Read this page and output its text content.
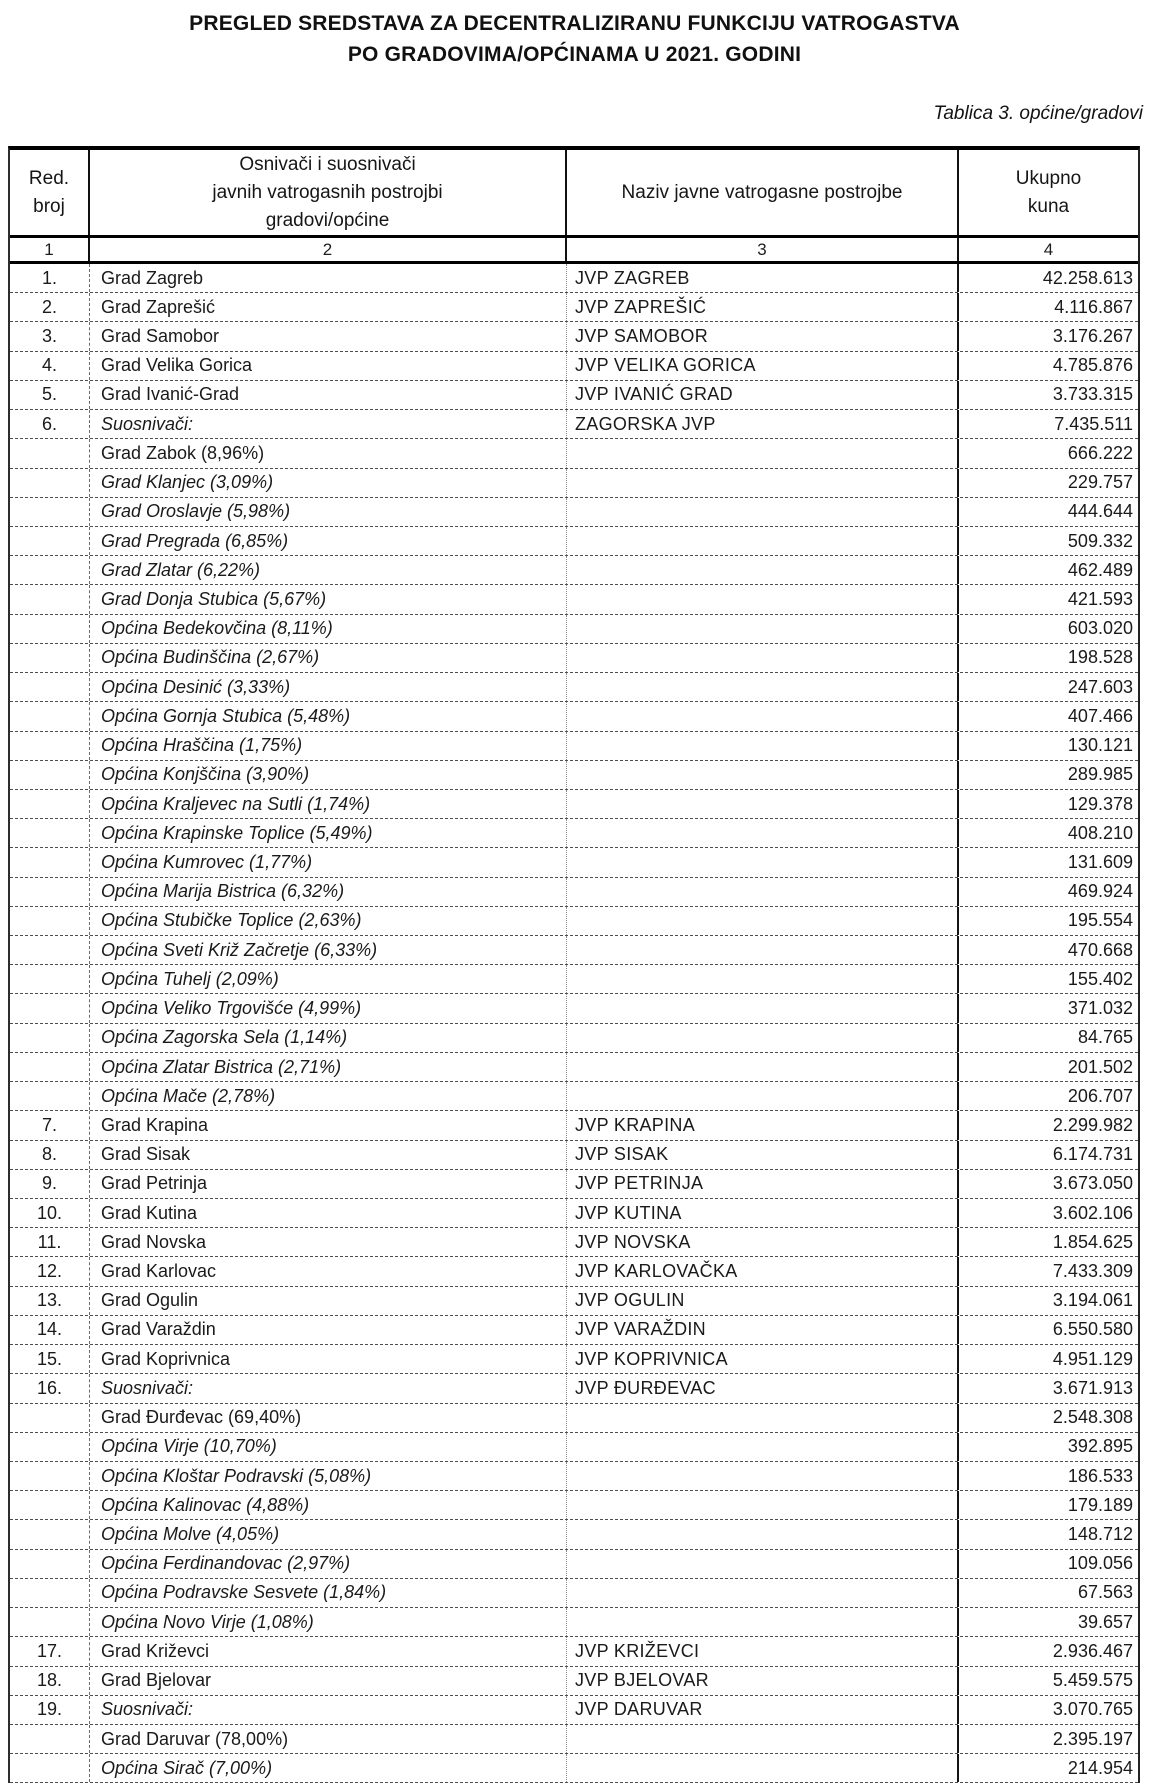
PREGLED SREDSTAVA ZA DECENTRALIZIRANU FUNKCIJU VATROGASTVA
PO GRADOVIMA/OPĆINAMA U 2021. GODINI
Tablica 3. općine/gradovi
Red.
broj
Osnivači i suosnivači
javnih vatrogasnih postrojbi
gradovi/općine
Naziv javne vatrogasne postrojbe
Ukupno
kuna
1	2	3	4
1.	Grad Zagreb	JVP ZAGREB	42.258.613
2.	Grad Zaprešić	JVP ZAPREŠIĆ	4.116.867
3.	Grad Samobor	JVP SAMOBOR	3.176.267
4.	Grad Velika Gorica	JVP VELIKA GORICA	4.785.876
5.	Grad Ivanić-Grad	JVP IVANIĆ GRAD	3.733.315
6.	Suosnivači:	ZAGORSKA JVP	7.435.511
Grad Zabok (8,96%)	666.222
Grad Klanjec (3,09%)	229.757
Grad Oroslavje (5,98%)	444.644
Grad Pregrada (6,85%)	509.332
Grad Zlatar (6,22%)	462.489
Grad Donja Stubica (5,67%)	421.593
Općina Bedekovčina (8,11%)	603.020
Općina Budinščina (2,67%)	198.528
Općina Desinić (3,33%)	247.603
Općina Gornja Stubica (5,48%)	407.466
Općina Hraščina (1,75%)	130.121
Općina Konjščina (3,90%)	289.985
Općina Kraljevec na Sutli (1,74%)	129.378
Općina Krapinske Toplice (5,49%)	408.210
Općina Kumrovec (1,77%)	131.609
Općina Marija Bistrica (6,32%)	469.924
Općina Stubičke Toplice (2,63%)	195.554
Općina Sveti Križ Začretje (6,33%)	470.668
Općina Tuhelj (2,09%)	155.402
Općina Veliko Trgovišće (4,99%)	371.032
Općina Zagorska Sela (1,14%)	84.765
Općina Zlatar Bistrica (2,71%)	201.502
Općina Mače (2,78%)	206.707
7.	Grad Krapina	JVP KRAPINA	2.299.982
8.	Grad Sisak	JVP SISAK	6.174.731
9.	Grad Petrinja	JVP PETRINJA	3.673.050
10.	Grad Kutina	JVP KUTINA	3.602.106
11.	Grad Novska	JVP NOVSKA	1.854.625
12.	Grad Karlovac	JVP KARLOVAČKA	7.433.309
13.	Grad Ogulin	JVP OGULIN	3.194.061
14.	Grad Varaždin	JVP VARAŽDIN	6.550.580
15.	Grad Koprivnica	JVP KOPRIVNICA	4.951.129
16.	Suosnivači:	JVP ĐURĐEVAC	3.671.913
Grad Đurđevac (69,40%)	2.548.308
Općina Virje (10,70%)	392.895
Općina Kloštar Podravski (5,08%)	186.533
Općina Kalinovac (4,88%)	179.189
Općina Molve (4,05%)	148.712
Općina Ferdinandovac (2,97%)	109.056
Općina Podravske Sesvete (1,84%)	67.563
Općina Novo Virje (1,08%)	39.657
17.	Grad Križevci	JVP KRIŽEVCI	2.936.467
18.	Grad Bjelovar	JVP BJELOVAR	5.459.575
19.	Suosnivači:	JVP DARUVAR	3.070.765
Grad Daruvar (78,00%)	2.395.197
Općina Sirač (7,00%)	214.954
